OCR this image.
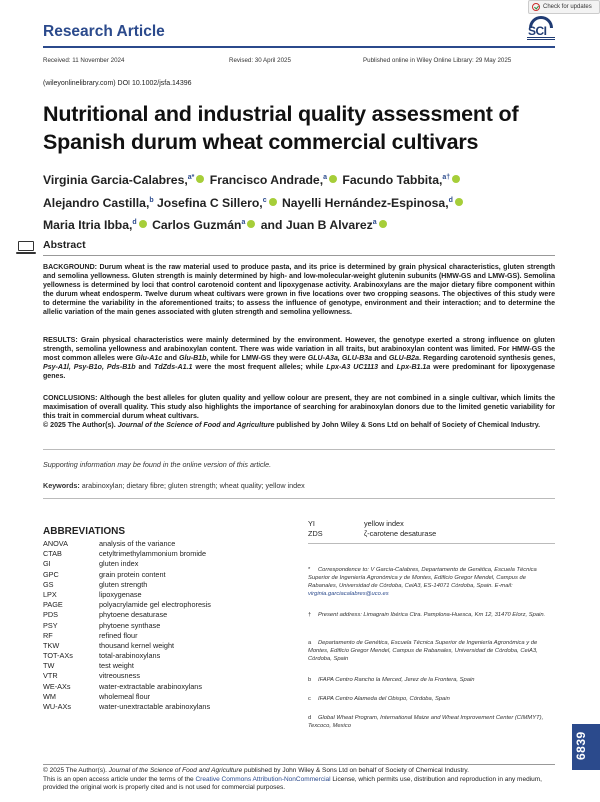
Research Article
Check for updates
SCI
Received: 11 November 2024	Revised: 30 April 2025	Published online in Wiley Online Library: 29 May 2025
(wileyonlinelibrary.com) DOI 10.1002/jsfa.14396
Nutritional and industrial quality assessment of Spanish durum wheat commercial cultivars
Virginia Garcia-Calabres,$^{a*}$ Francisco Andrade,$^a$ Facundo Tabbita,$^{a\dagger}$
Alejandro Castilla,$^b$ Josefina C Sillero,$^c$ Nayelli Hernández-Espinosa,$^d$
Maria Itria Ibba,$^d$ Carlos Guzmán$^a$ and Juan B Alvarez$^a$
Abstract
BACKGROUND: Durum wheat is the raw material used to produce pasta, and its price is determined by grain physical characteristics, gluten strength and semolina yellowness. Gluten strength is mainly determined by high- and low-molecular-weight glutenin subunits (HMW-GS and LMW-GS). Semolina yellowness is determined by loci that control carotenoid content and lipoxygenase activity. Arabinoxylans are the major dietary fibre component within the durum wheat endosperm. Twelve durum wheat cultivars were grown in five locations over two cropping seasons. The objectives of this study were to determine the variability in the aforementioned traits; to assess the influence of genotype, environment and their interaction; and to determine the allelic variation of the main genes associated with gluten strength and semolina yellowness.
RESULTS: Grain physical characteristics were mainly determined by the environment. However, the genotype exerted a strong influence on gluten strength, semolina yellowness and arabinoxylan content. There was wide variation in all traits, but arabinoxylan content was limited. For HMW-GS the most common alleles were Glu-A1c and Glu-B1b, while for LMW-GS they were GLU-A3a, GLU-B3a and GLU-B2a. Regarding carotenoid synthesis genes, Psy-A1l, Psy-B1o, Pds-B1b and TdZds-A1.1 were the most frequent alleles; while Lpx-A3 UC1113 and Lpx-B1.1a were predominant for lipoxygenase genes.
CONCLUSIONS: Although the best alleles for gluten quality and yellow colour are present, they are not combined in a single cultivar, which limits the maximisation of overall quality. This study also highlights the importance of searching for arabinoxylan donors due to the limited genetic variability for this trait in commercial durum wheat cultivars.
© 2025 The Author(s). Journal of the Science of Food and Agriculture published by John Wiley & Sons Ltd on behalf of Society of Chemical Industry.
Supporting information may be found in the online version of this article.
Keywords: arabinoxylan; dietary fibre; gluten strength; wheat quality; yellow index
ABBREVIATIONS
ANOVA	analysis of the variance
CTAB	cetyltrimethylammonium bromide
GI	gluten index
GPC	grain protein content
GS	gluten strength
LPX	lipoxygenase
PAGE	polyacrylamide gel electrophoresis
PDS	phytoene desaturase
PSY	phytoene synthase
RF	refined flour
TKW	thousand kernel weight
TOT-AXs	total-arabinoxylans
TW	test weight
VTR	vitreousness
WE-AXs	water-extractable arabinoxylans
WM	wholemeal flour
WU-AXs	water-unextractable arabinoxylans
YI	yellow index
ZDS	ζ-carotene desaturase
* Correspondence to: V Garcia-Calabres, Departamento de Genética, Escuela Técnica Superior de Ingeniería Agronómica y de Montes, Edificio Gregor Mendel, Campus de Rabanales, Universidad de Córdoba, CeiA3, ES-14071 Córdoba, Spain. E-mail: virginia.garciacalabres@uco.es
† Present address: Limagrain Ibérica Ctra. Pamplona-Huesca, Km 12, 31470 Elorz, Spain.
a Departamento de Genética, Escuela Técnica Superior de Ingeniería Agronómica y de Montes, Edificio Gregor Mendel, Campus de Rabanales, Universidad de Córdoba, CeiA3, Córdoba, Spain
b IFAPA Centro Rancho la Merced, Jerez de la Frontera, Spain
c IFAPA Centro Alameda del Obispo, Córdoba, Spain
d Global Wheat Program, International Maize and Wheat Improvement Center (CIMMYT), Texcoco, Mexico
© 2025 The Author(s). Journal of the Science of Food and Agriculture published by John Wiley & Sons Ltd on behalf of Society of Chemical Industry.
This is an open access article under the terms of the Creative Commons Attribution-NonCommercial License, which permits use, distribution and reproduction in any medium, provided the original work is properly cited and is not used for commercial purposes.
6839
